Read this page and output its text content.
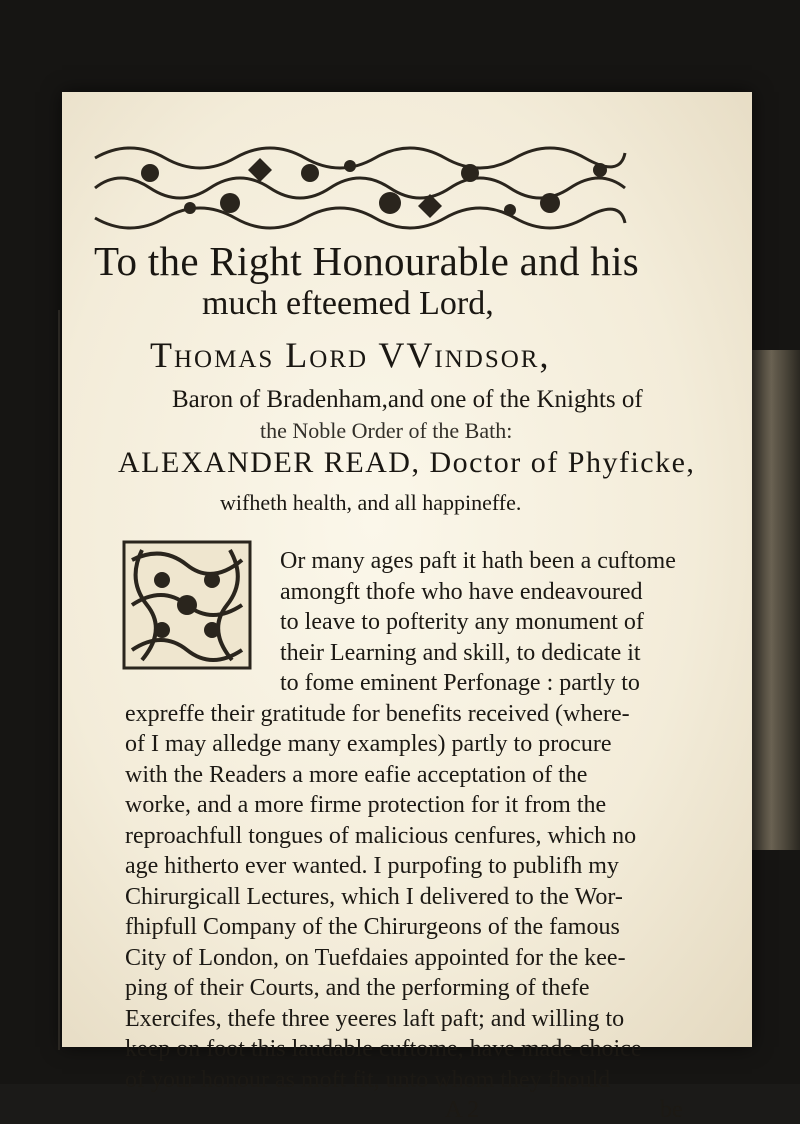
To the Right Honourable and his
much efteemed Lord,
Thomas Lord VVindsor,
Baron of Bradenham,and one of the Knights of
the Noble Order of the Bath:
ALEXANDER READ, Doctor of Phyficke,
wifheth health, and all happineffe.
Or many ages paft it hath been a cuftome
amongft thofe who have endeavoured
to leave to pofterity any monument of
their Learning and skill, to dedicate it
to fome eminent Perfonage : partly to
expreffe their gratitude for benefits received (where-
of I may alledge many examples) partly to procure
with the Readers a more eafie acceptation of the
worke, and a more firme protection for it from the
reproachfull tongues of malicious cenfures, which no
age hitherto ever wanted. I purpofing to publifh my
Chirurgicall Lectures, which I delivered to the Wor-
fhipfull Company of the Chirurgeons of the famous
City of London, on Tuefdaies appointed for the kee-
ping of their Courts, and the performing of thefe
Exercifes, thefe three yeeres laft paft; and willing to
keep on foot this laudable cuftome, have made choice
of your honour as moft fit, unto whom they fhould
A 2	be
